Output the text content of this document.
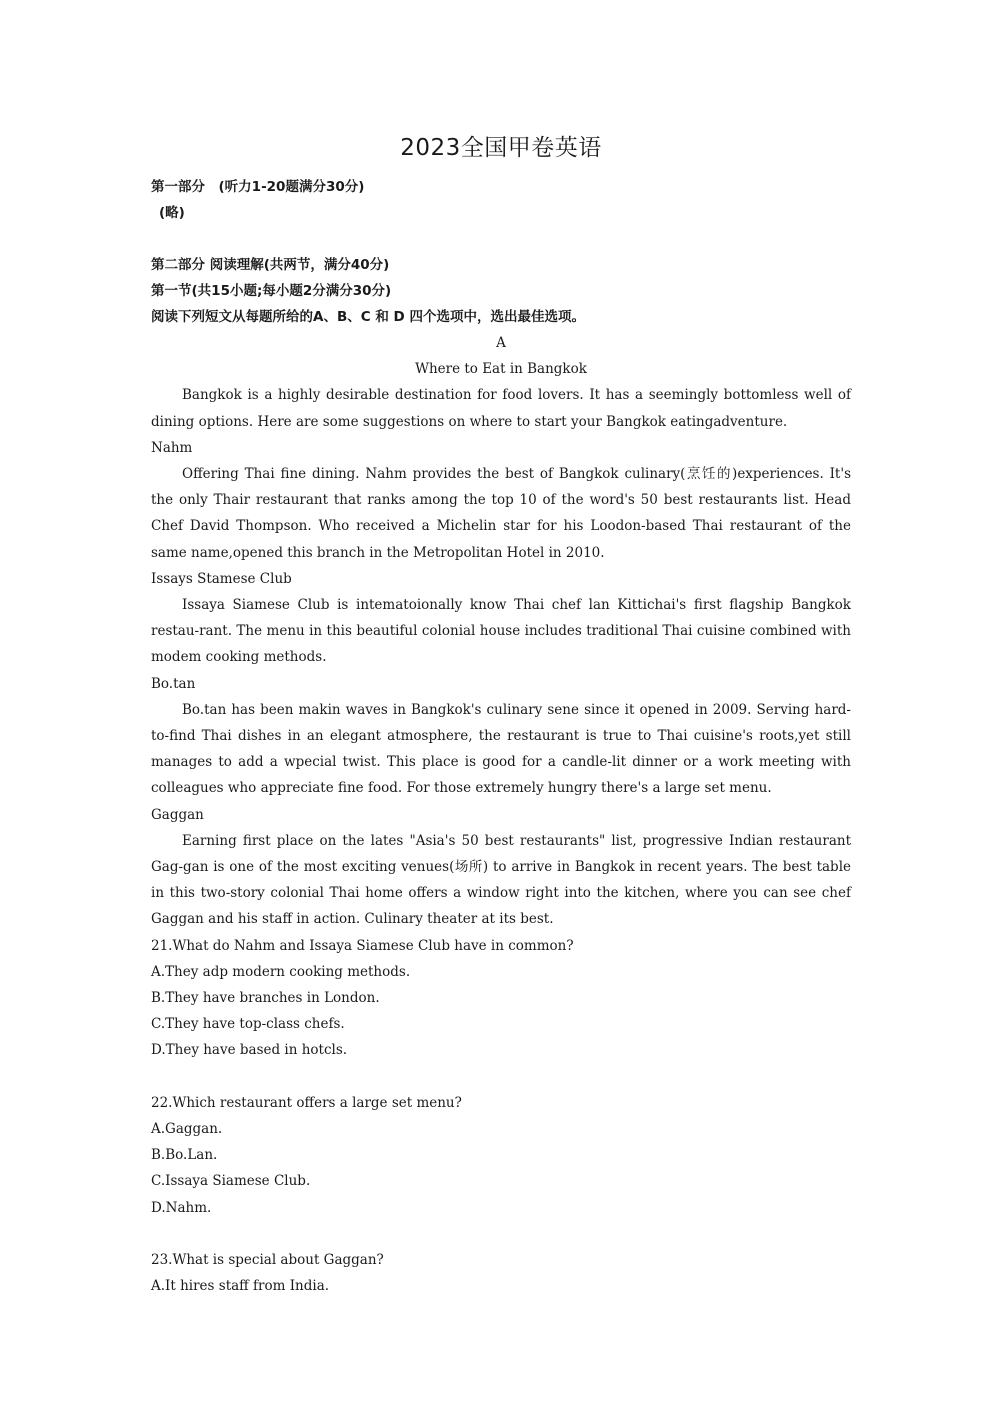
2023全国甲卷英语
第一部分　(听力1-20题满分30分)
(略)
第二部分 阅读理解(共两节，满分40分)
第一节(共15小题;每小题2分满分30分)
阅读下列短文从每题所给的A、B、C 和 D 四个选项中，选出最佳选项。
A
Where to Eat in Bangkok

Bangkok is a highly desirable destination for food lovers. It has a seemingly bottomless well of dining options. Here are some suggestions on where to start your Bangkok eatingadventure.

Nahm

Offering Thai fine dining. Nahm provides the best of Bangkok culinary(烹饪的)experiences. It's the only Thair restaurant that ranks among the top 10 of the word's 50 best restaurants list. Head Chef David Thompson. Who received a Michelin star for his Loodon-based Thai restaurant of the same name,opened this branch in the Metropolitan Hotel in 2010.

Issays Stamese Club

Issaya Siamese Club is intematoionally know Thai chef lan Kittichai's first flagship Bangkok restau-rant. The menu in this beautiful colonial house includes traditional Thai cuisine combined with modem cooking methods.

Bo.tan

Bo.tan has been makin waves in Bangkok's culinary sene since it opened in 2009. Serving hard-to-find Thai dishes in an elegant atmosphere, the restaurant is true to Thai cuisine's roots,yet still manages to add a wpecial twist. This place is good for a candle-lit dinner or a work meeting with colleagues who appreciate fine food. For those extremely hungry there's a large set menu.

Gaggan

Earning first place on the lates "Asia's 50 best restaurants" list, progressive Indian restaurant Gag-gan is one of the most exciting venues(场所) to arrive in Bangkok in recent years. The best table in this two-story colonial Thai home offers a window right into the kitchen, where you can see chef Gaggan and his staff in action. Culinary theater at its best.

21.What do Nahm and Issaya Siamese Club have in common?
A.They adp modern cooking methods.
B.They have branches in London.
C.They have top-class chefs.
D.They have based in hotcls.
22.Which restaurant offers a large set menu?
A.Gaggan.
B.Bo.Lan.
C.Issaya Siamese Club.
D.Nahm.
23.What is special about Gaggan?
A.It hires staff from India.
